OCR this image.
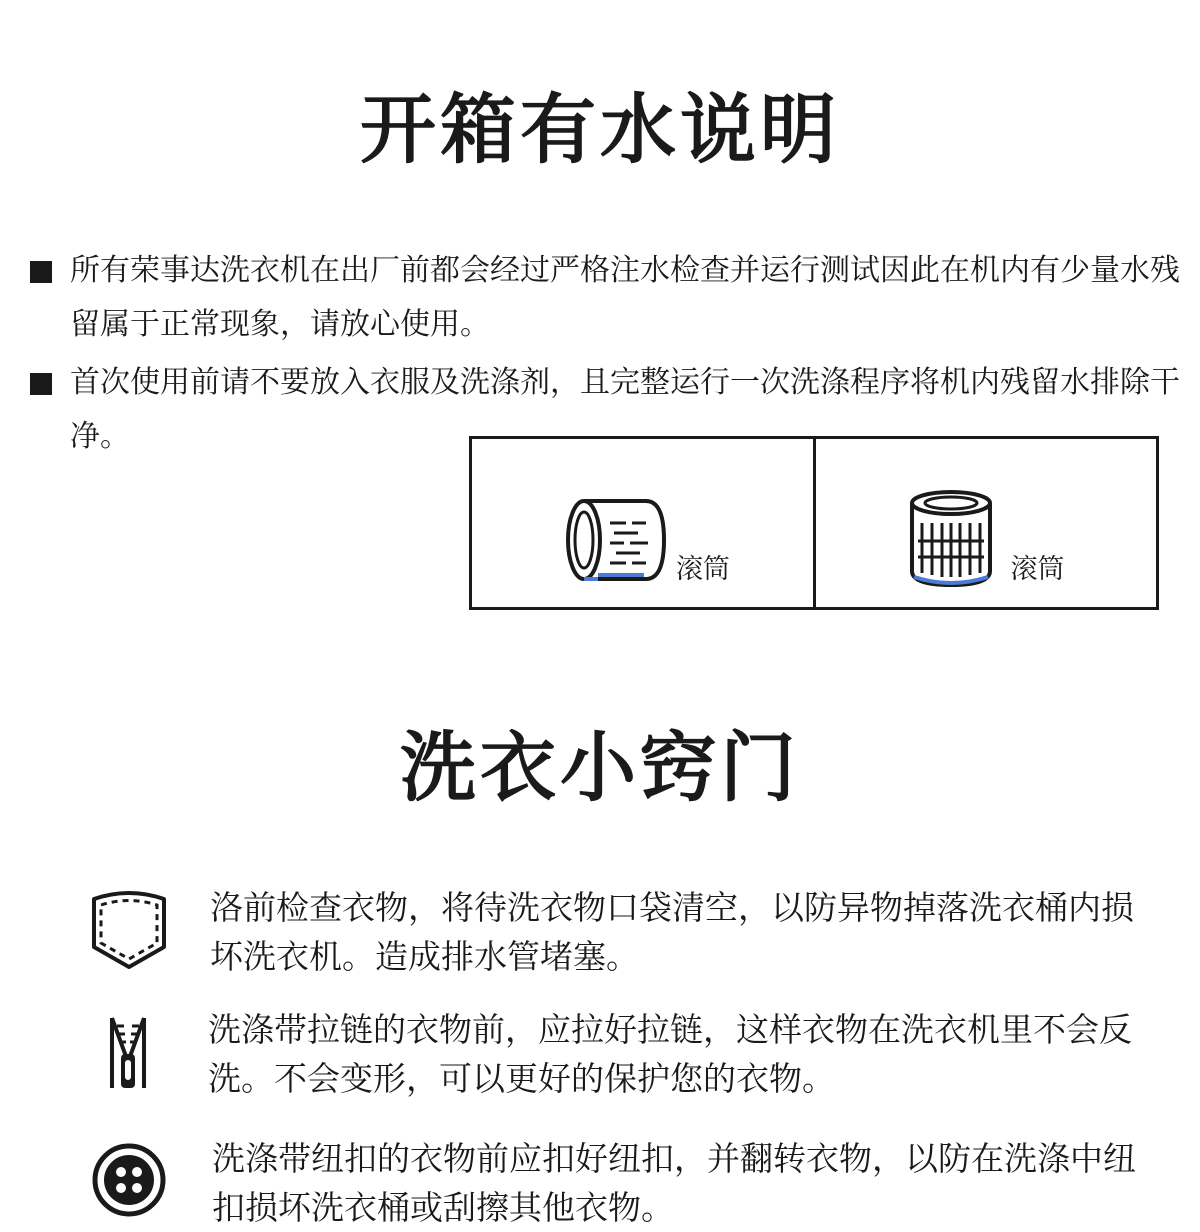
开箱有水说明
所有荣事达洗衣机在出厂前都会经过严格注水检查并运行测试因此在机内有少量水残留属于正常现象，请放心使用。
首次使用前请不要放入衣服及洗涤剂，且完整运行一次洗涤程序将机内残留水排除干净。
滚筒	滚筒
洗衣小窍门
洛前检查衣物，将待洗衣物口袋清空，以防异物掉落洗衣桶内损坏洗衣机。造成排水管堵塞。
洗涤带拉链的衣物前，应拉好拉链，这样衣物在洗衣机里不会反洗。不会变形，可以更好的保护您的衣物。
洗涤带纽扣的衣物前应扣好纽扣，并翻转衣物，以防在洗涤中纽扣损坏洗衣桶或刮擦其他衣物。
